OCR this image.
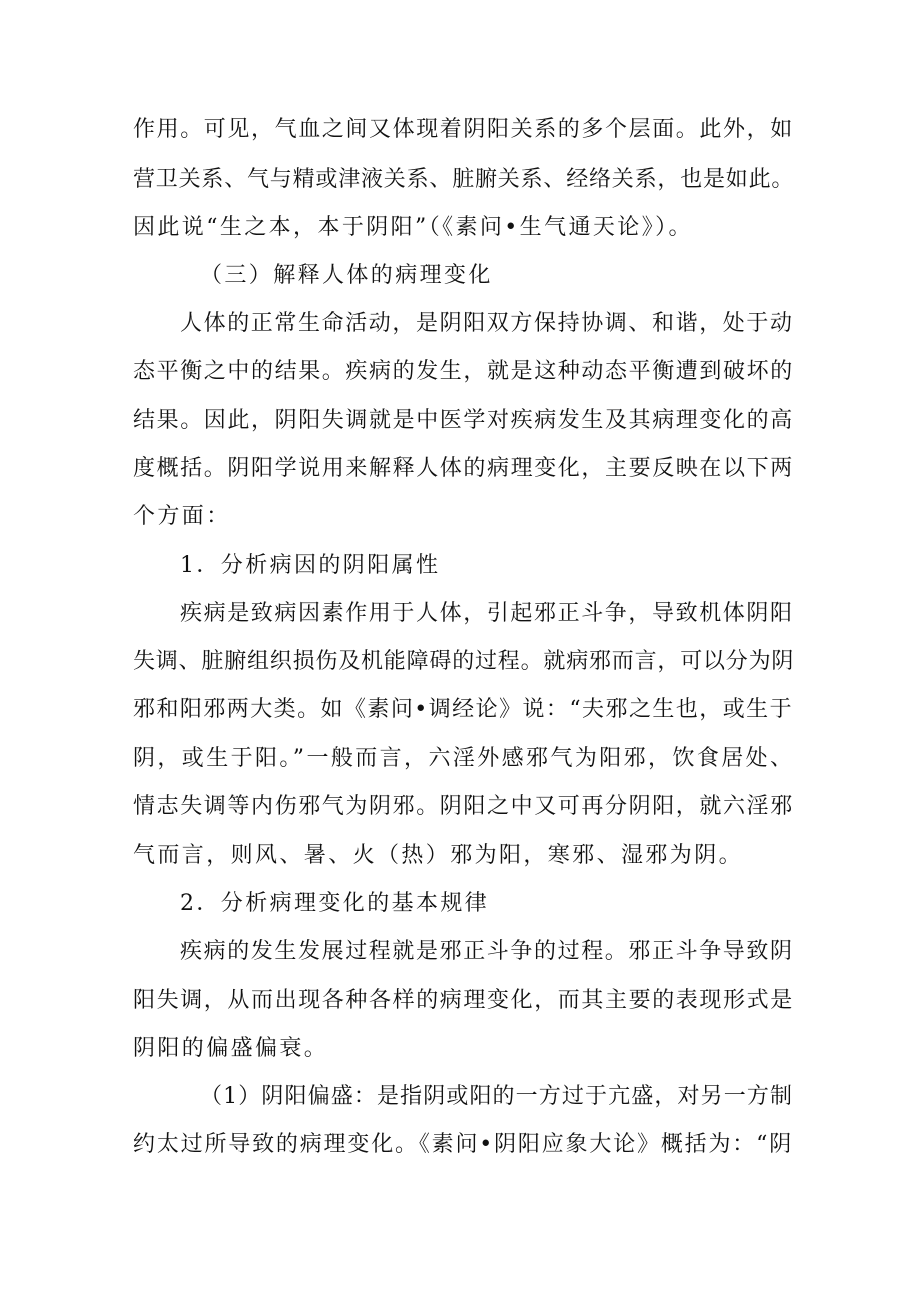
作用。可见，气血之间又体现着阴阳关系的多个层面。此外，如
营卫关系、气与精或津液关系、脏腑关系、经络关系，也是如此。
因此说“生之本，本于阴阳”（《素问•生气通天论》）。
（三）解释人体的病理变化
人体的正常生命活动，是阴阳双方保持协调、和谐，处于动
态平衡之中的结果。疾病的发生，就是这种动态平衡遭到破坏的
结果。因此，阴阳失调就是中医学对疾病发生及其病理变化的高
度概括。阴阳学说用来解释人体的病理变化，主要反映在以下两
个方面：
1．分析病因的阴阳属性
疾病是致病因素作用于人体，引起邪正斗争，导致机体阴阳
失调、脏腑组织损伤及机能障碍的过程。就病邪而言，可以分为阴
邪和阳邪两大类。如《素问•调经论》说：“夫邪之生也，或生于
阴，或生于阳。”一般而言，六淫外感邪气为阳邪，饮食居处、
情志失调等内伤邪气为阴邪。阴阳之中又可再分阴阳，就六淫邪
气而言，则风、暑、火（热）邪为阳，寒邪、湿邪为阴。
2．分析病理变化的基本规律
疾病的发生发展过程就是邪正斗争的过程。邪正斗争导致阴
阳失调，从而出现各种各样的病理变化，而其主要的表现形式是
阴阳的偏盛偏衰。
（1）阴阳偏盛：是指阴或阳的一方过于亢盛，对另一方制
约太过所导致的病理变化。《素问•阴阳应象大论》概括为：“阴
